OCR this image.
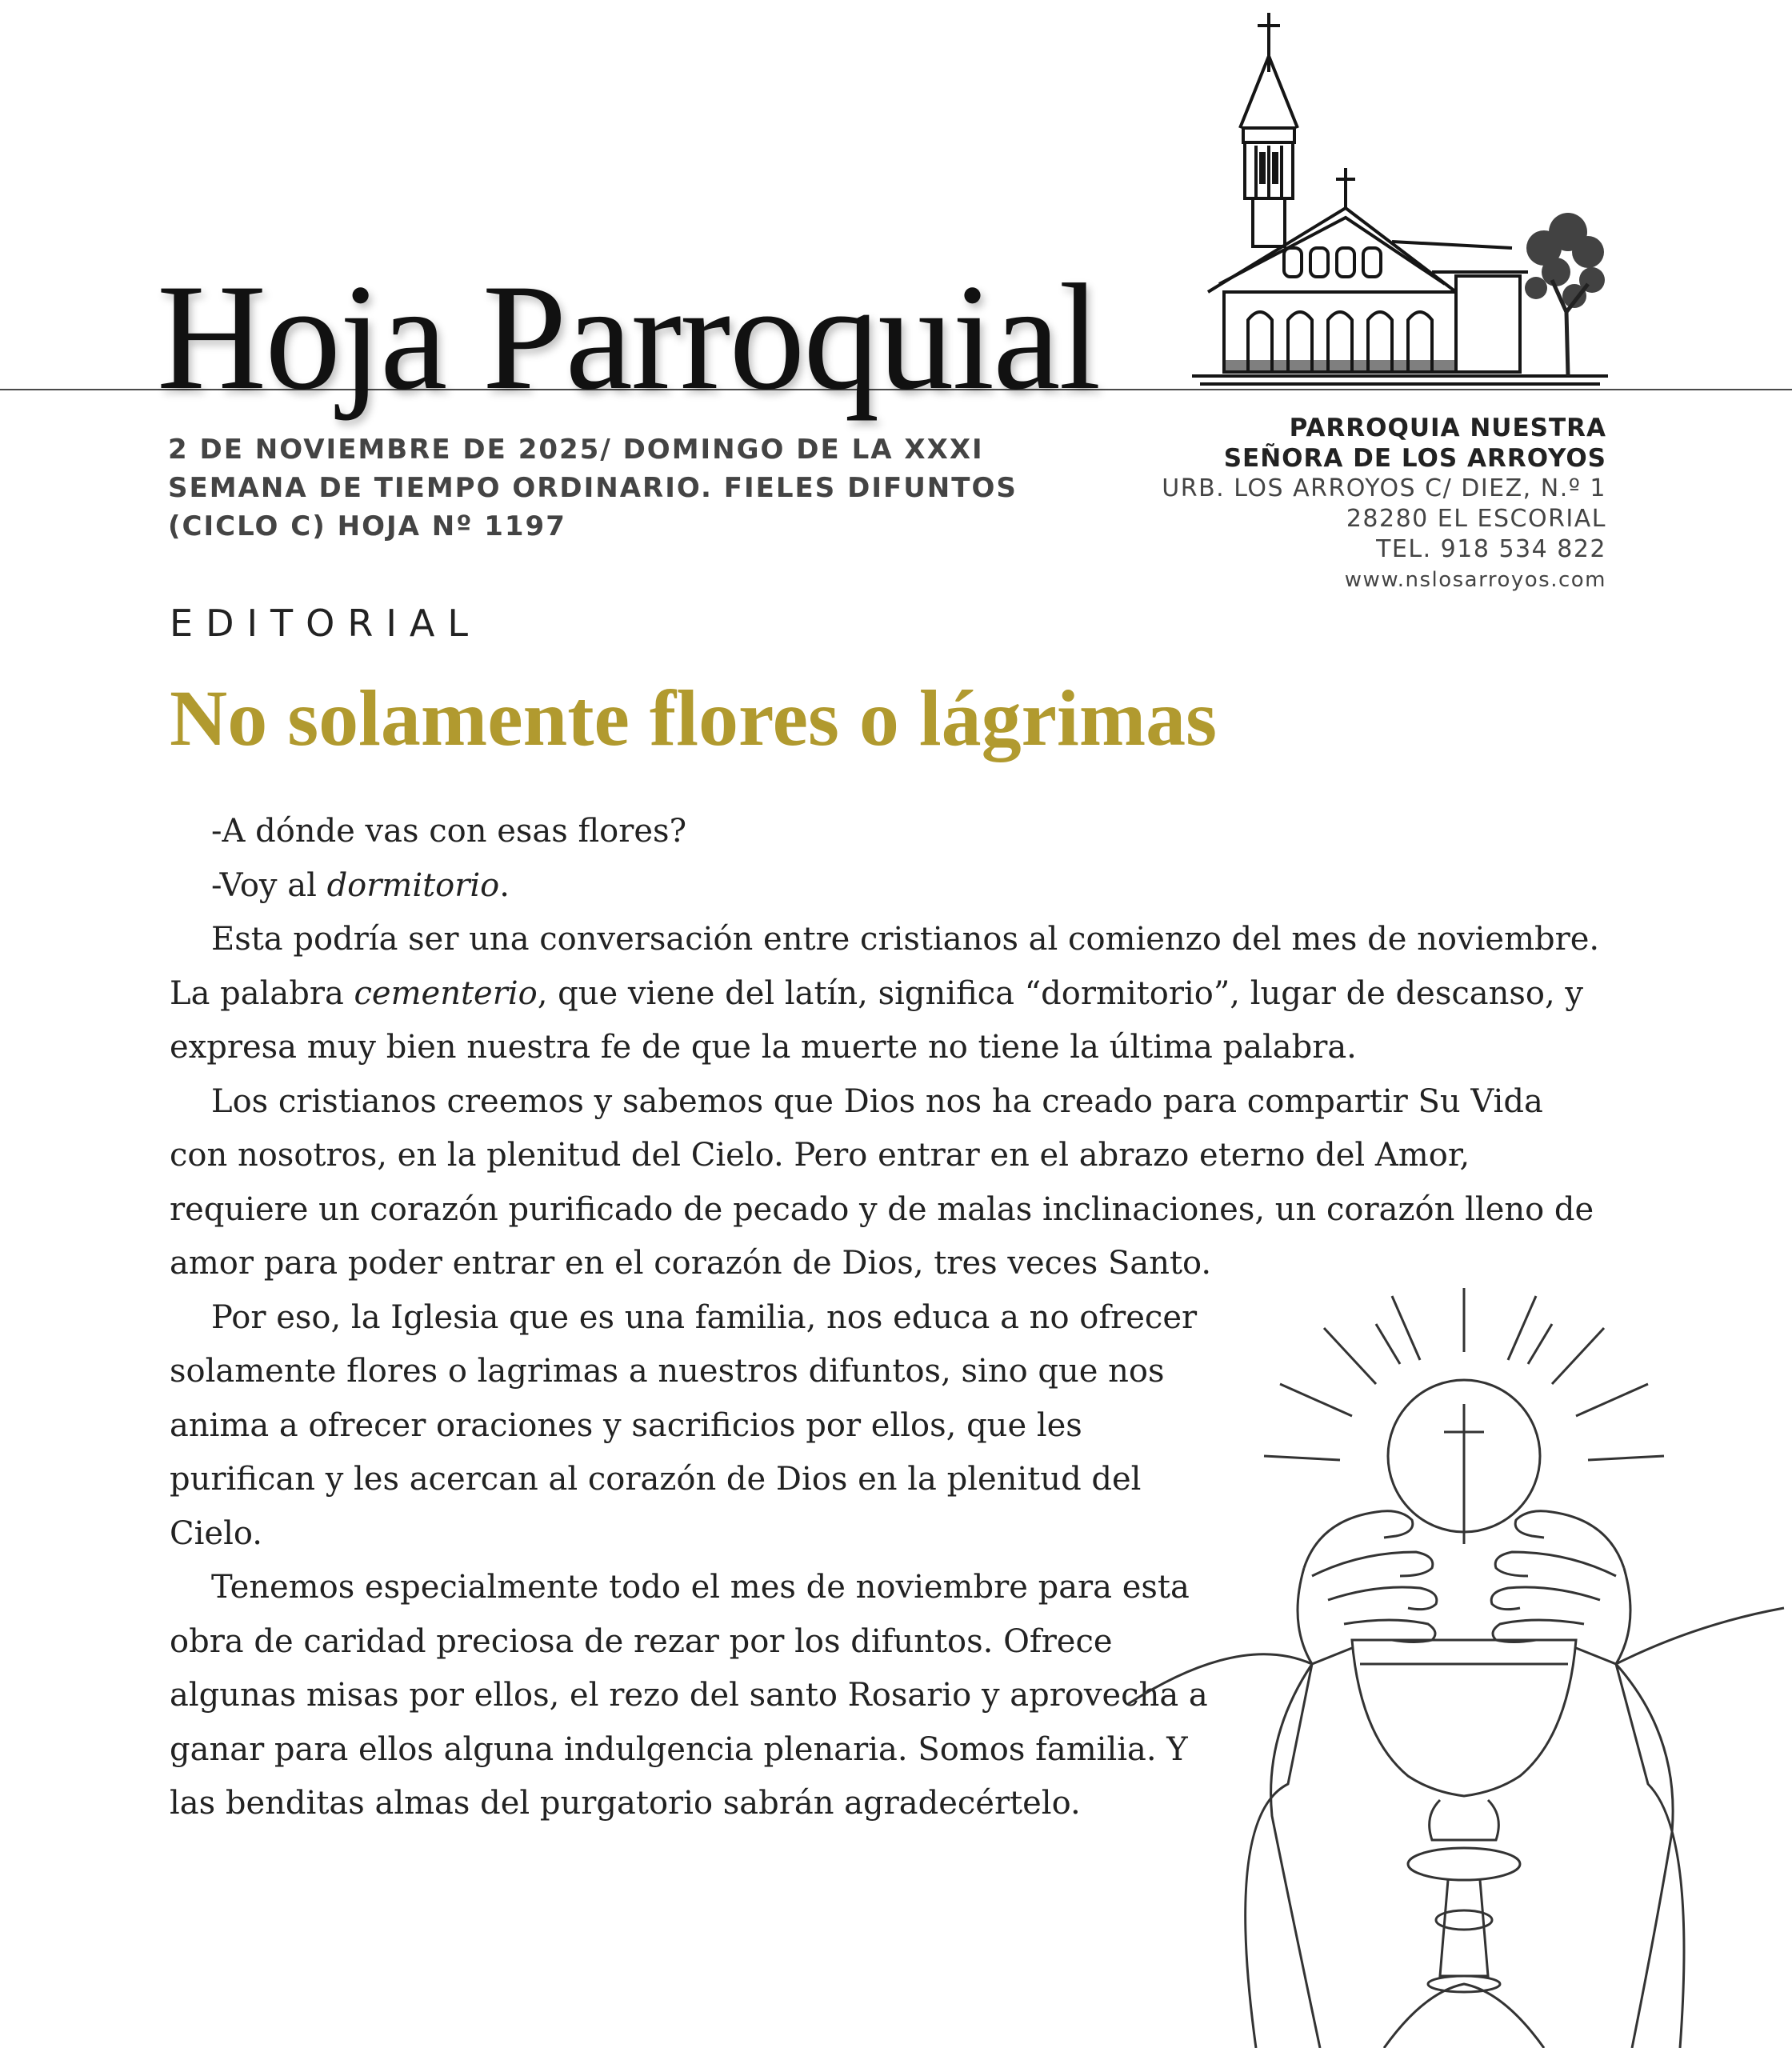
Hoja Parroquial
2 DE NOVIEMBRE DE 2025/ DOMINGO DE LA XXXI SEMANA DE TIEMPO ORDINARIO. FIELES DIFUNTOS (CICLO C) HOJA Nº 1197
PARROQUIA NUESTRA
SEÑORA DE LOS ARROYOS
URB. LOS ARROYOS C/ DIEZ, N.º 1
28280 EL ESCORIAL
TEL. 918 534 822
www.nslosarroyos.com
EDITORIAL
No solamente flores o lágrimas

-A dónde vas con esas flores?

-Voy al dormitorio.

Esta podría ser una conversación entre cristianos al comienzo del mes de noviembre. La palabra cementerio, que viene del latín, significa “dormitorio”, lugar de descanso, y expresa muy bien nuestra fe de que la muerte no tiene la última palabra.

Los cristianos creemos y sabemos que Dios nos ha creado para compartir Su Vida con nosotros, en la plenitud del Cielo. Pero entrar en el abrazo eterno del Amor, requiere un corazón purificado de pecado y de malas inclinaciones, un corazón lleno de amor para poder entrar en el corazón de Dios, tres veces Santo.

Por eso, la Iglesia que es una familia, nos educa a no ofrecer solamente flores o lagrimas a nuestros difuntos, sino que nos anima a ofrecer oraciones y sacrificios por ellos, que les purifican y les acercan al corazón de Dios en la plenitud del Cielo.

Tenemos especialmente todo el mes de noviembre para esta obra de caridad preciosa de rezar por los difuntos. Ofrece algunas misas por ellos, el rezo del santo Rosario y aprovecha a ganar para ellos alguna indulgencia plenaria. Somos familia. Y las benditas almas del purgatorio sabrán agradecértelo.
